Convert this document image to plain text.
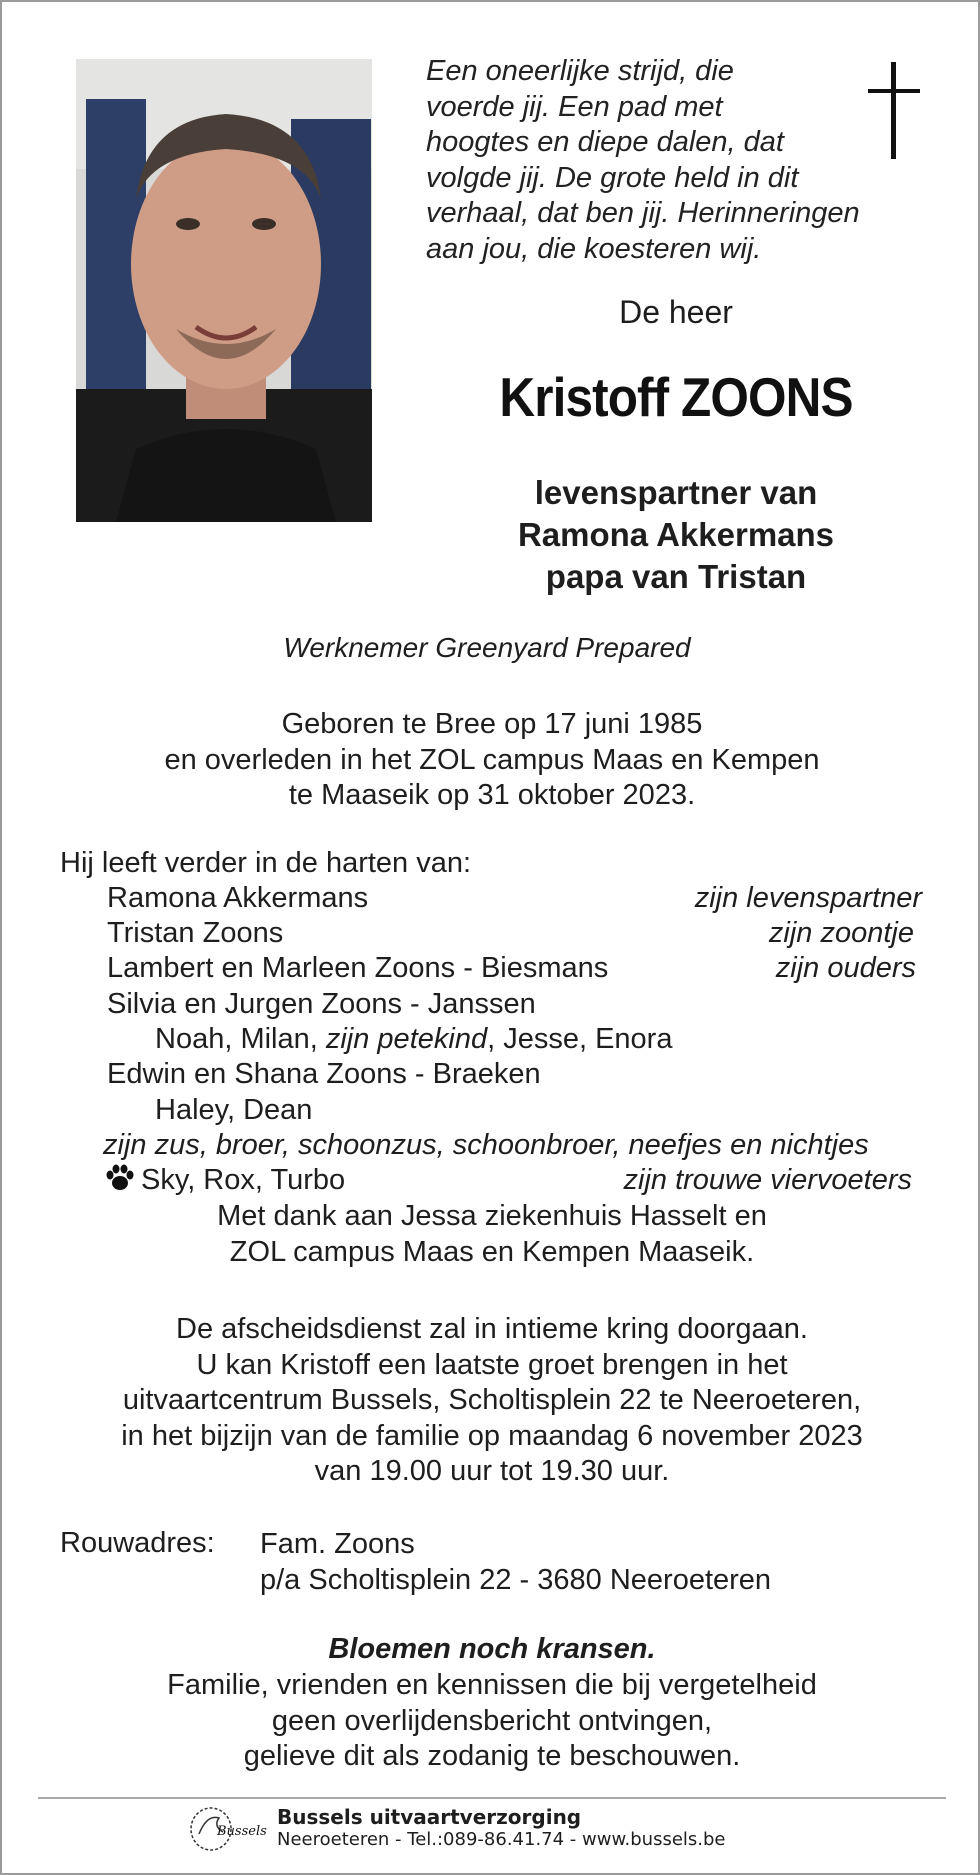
Een oneerlijke strijd, die
voerde jij. Een pad met
hoogtes en diepe dalen, dat
volgde jij. De grote held in dit
verhaal, dat ben jij. Herinneringen
aan jou, die koesteren wij.
De heer
Kristoff ZOONS
levenspartner van
Ramona Akkermans
papa van Tristan
Werknemer Greenyard Prepared
Geboren te Bree op 17 juni 1985
en overleden in het ZOL campus Maas en Kempen
te Maaseik op 31 oktober 2023.
Hij leeft verder in de harten van:
Ramona Akkermans	zijn levenspartner
Tristan Zoons	zijn zoontje
Lambert en Marleen Zoons - Biesmans	zijn ouders
Silvia en Jurgen Zoons - Janssen
Noah, Milan, zijn petekind, Jesse, Enora
Edwin en Shana Zoons - Braeken
Haley, Dean
zijn zus, broer, schoonzus, schoonbroer, neefjes en nichtjes
Sky, Rox, Turbo	zijn trouwe viervoeters
Met dank aan Jessa ziekenhuis Hasselt en
ZOL campus Maas en Kempen Maaseik.
De afscheidsdienst zal in intieme kring doorgaan.
U kan Kristoff een laatste groet brengen in het
uitvaartcentrum Bussels, Scholtisplein 22 te Neeroeteren,
in het bijzijn van de familie op maandag 6 november 2023
van 19.00 uur tot 19.30 uur.
Rouwadres: Fam. Zoons
p/a Scholtisplein 22 - 3680 Neeroeteren
Bloemen noch kransen.
Familie, vrienden en kennissen die bij vergetelheid
geen overlijdensbericht ontvingen,
gelieve dit als zodanig te beschouwen.
Bussels
Bussels uitvaartverzorging
Neeroeteren - Tel.:089-86.41.74 - www.bussels.be
